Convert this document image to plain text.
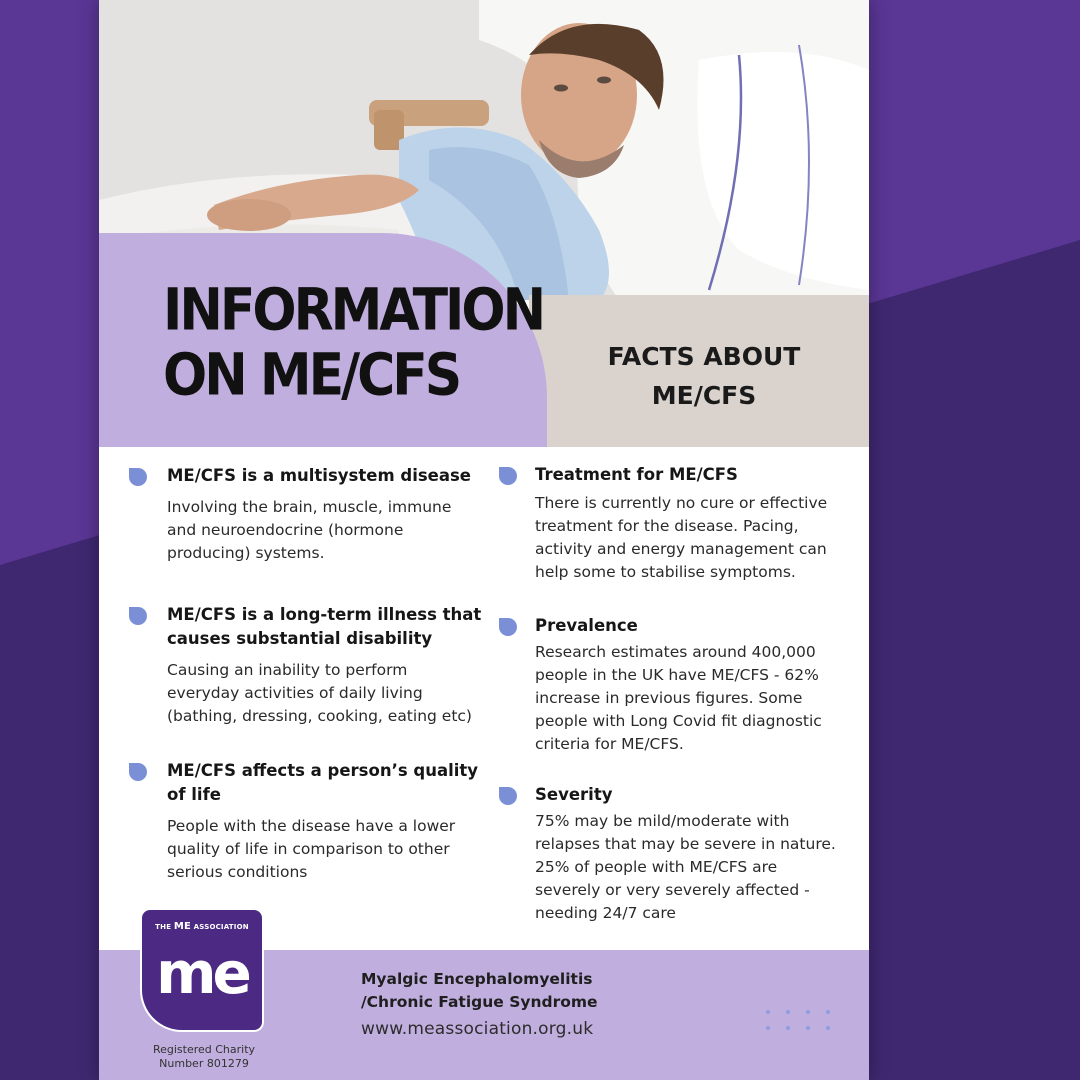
INFORMATION
ON ME/CFS	FACTS ABOUT
ME/CFS
ME/CFS is a multisystem disease

Involving the brain, muscle, immune and neuroendocrine (hormone producing) systems.

ME/CFS is a long-term illness that causes substantial disability

Causing an inability to perform everyday activities of daily living (bathing, dressing, cooking, eating etc)

ME/CFS affects a person’s quality of life

People with the disease have a lower quality of life in comparison to other serious conditions

Treatment for ME/CFS

There is currently no cure or effective treatment for the disease. Pacing, activity and energy management can help some to stabilise symptoms.

Prevalence

Research estimates around 400,000 people in the UK have ME/CFS - 62% increase in previous figures. Some people with Long Covid fit diagnostic criteria for ME/CFS.

Severity

75% may be mild/moderate with relapses that may be severe in nature. 25% of people with ME/CFS are severely or very severely affected - needing 24/7 care

THE ME ASSOCIATION
me
Registered Charity
Number 801279

Myalgic Encephalomyelitis

/Chronic Fatigue Syndrome

www.meassociation.org.uk
